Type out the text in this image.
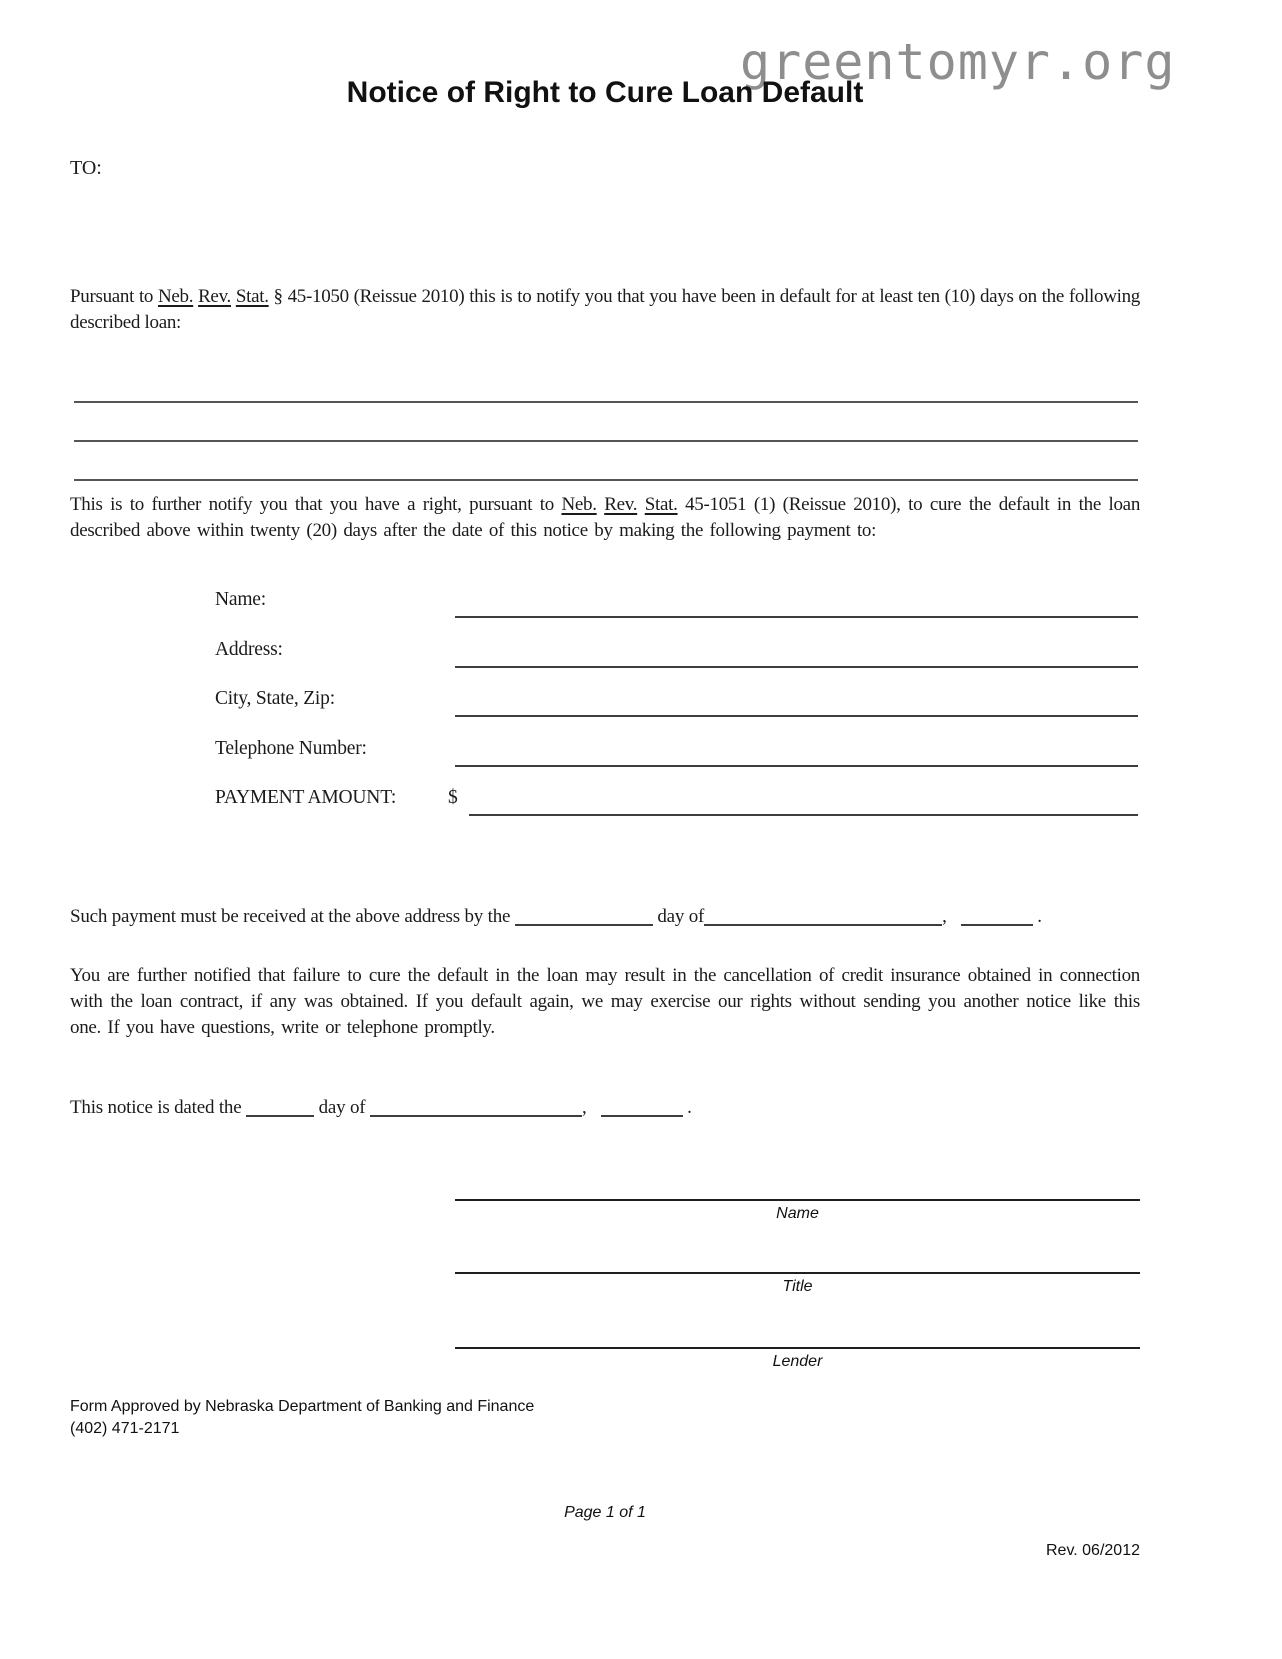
greentomyr.org
Notice of Right to Cure Loan Default
TO:
Pursuant to Neb. Rev. Stat. § 45-1050 (Reissue 2010) this is to notify you that you have been in default for at least ten (10) days on the following described loan:
This is to further notify you that you have a right, pursuant to Neb. Rev. Stat. 45-1051 (1) (Reissue 2010), to cure the default in the loan described above within twenty (20) days after the date of this notice by making the following payment to:
Name:
Address:
City, State, Zip:
Telephone Number:
PAYMENT AMOUNT:	$
Such payment must be received at the above address by the	day of	,	.
You are further notified that failure to cure the default in the loan may result in the cancellation of credit insurance obtained in connection with the loan contract, if any was obtained. If you default again, we may exercise our rights without sending you another notice like this one. If you have questions, write or telephone promptly.
This notice is dated the	day of	,	.
Name
Title
Lender
Form Approved by Nebraska Department of Banking and Finance
(402) 471-2171
Page 1 of 1
Rev. 06/2012
